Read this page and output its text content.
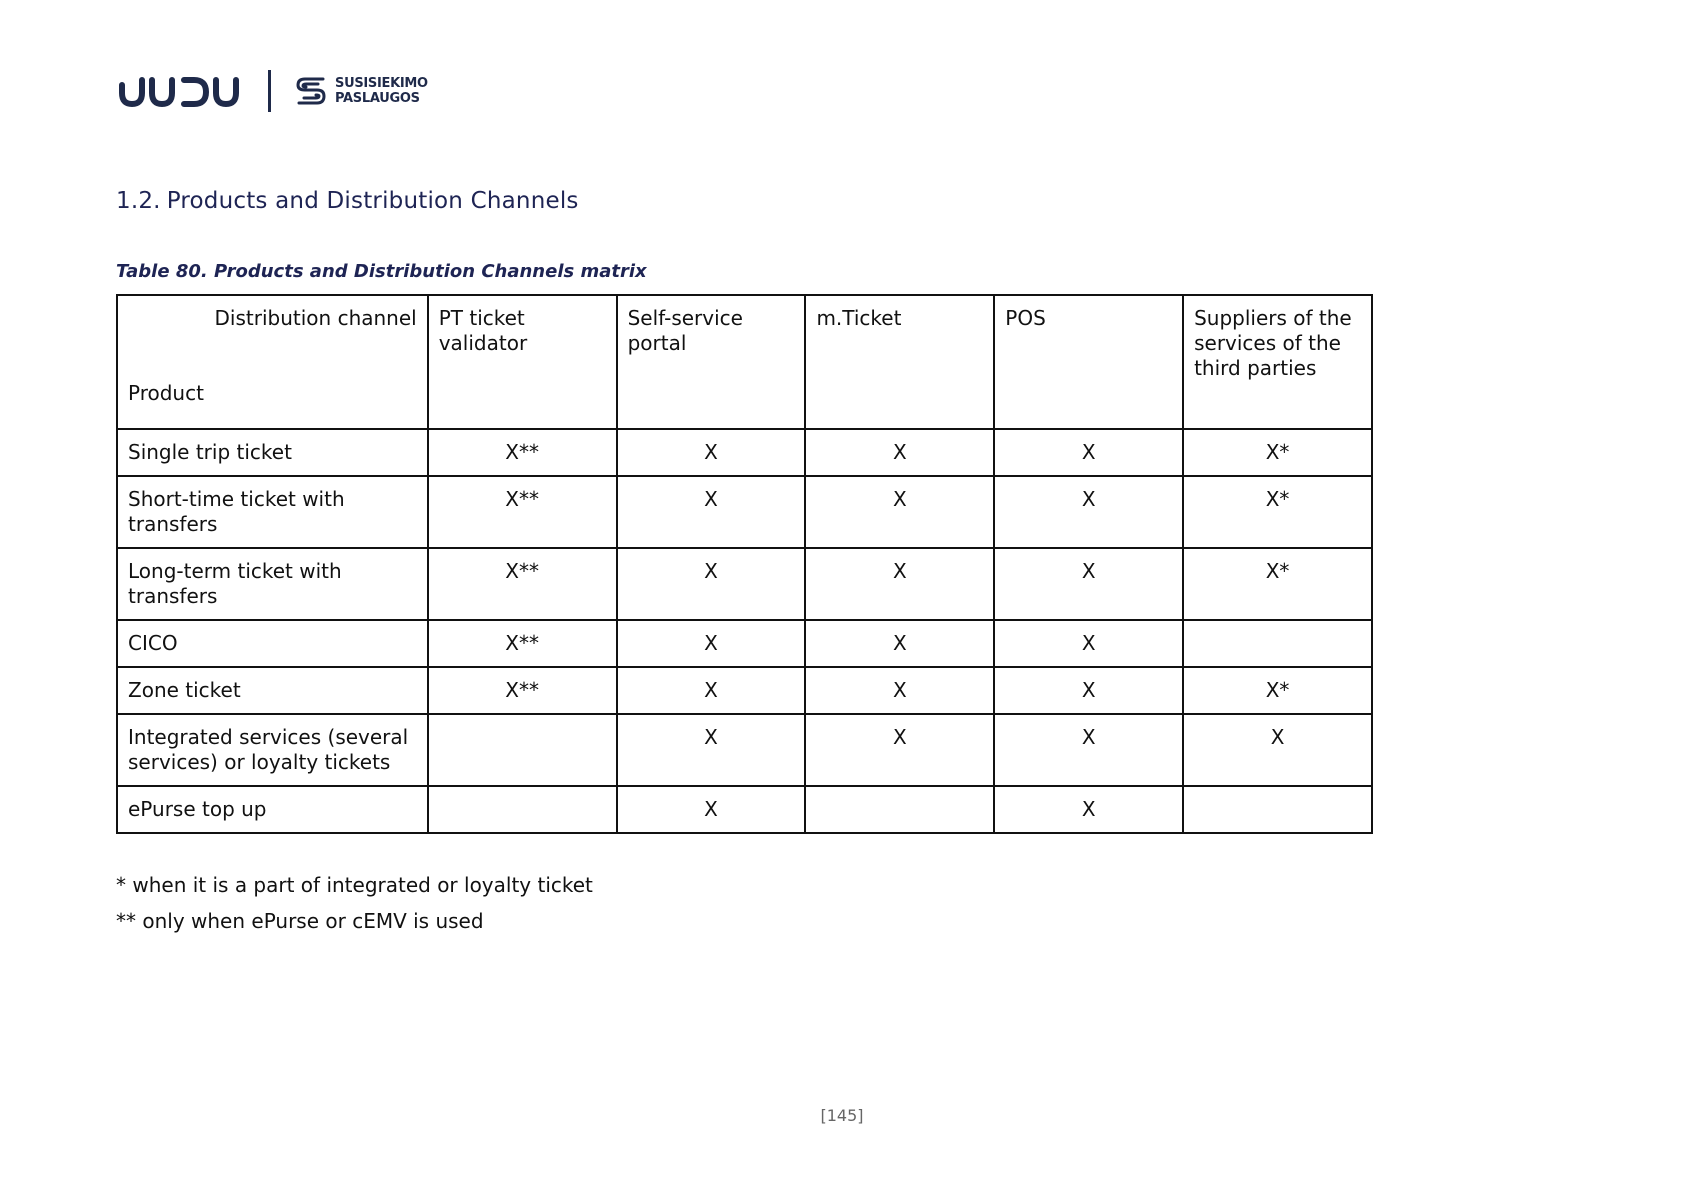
SUSISIEKIMO
PASLAUGOS
1.2. Products and Distribution Channels
Table 80. Products and Distribution Channels matrix
Distribution channel
Product	PT ticket validator	Self-service portal	m.Ticket	POS	Suppliers of the services of the third parties
Single trip ticket	X**	X	X	X	X*
Short-time ticket with transfers	X**	X	X	X	X*
Long-term ticket with transfers	X**	X	X	X	X*
CICO	X**	X	X	X	
Zone ticket	X**	X	X	X	X*
Integrated services (several services) or loyalty tickets		X	X	X	X
ePurse top up		X		X	
* when it is a part of integrated or loyalty ticket
** only when ePurse or cEMV is used
[145]
